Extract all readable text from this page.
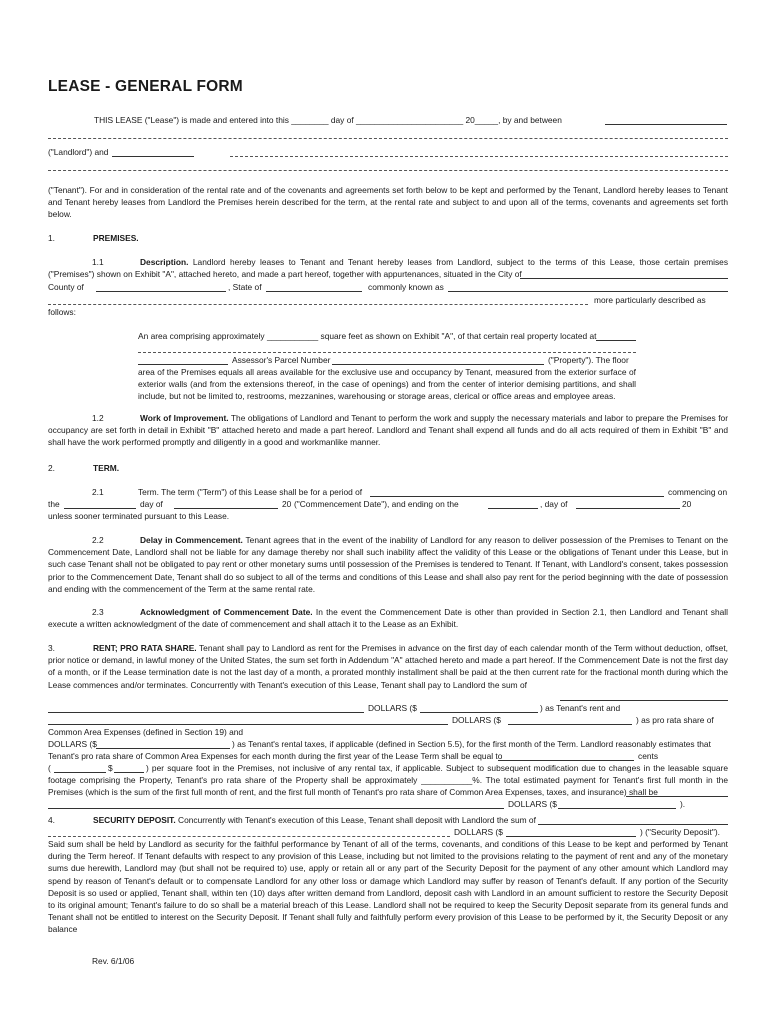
LEASE - GENERAL FORM
THIS LEASE ("Lease") is made and entered into this ________ day of _______________________ 20_____, by and between
("Landlord") and
("Tenant"). For and in consideration of the rental rate and of the covenants and agreements set forth below to be kept and performed by the Tenant, Landlord hereby leases to Tenant and Tenant hereby leases from Landlord the Premises herein described for the term, at the rental rate and subject to and upon all of the terms, covenants and agreements set forth below.
1.	PREMISES.
1.1	Description. Landlord hereby leases to Tenant and Tenant hereby leases from Landlord, subject to the terms of this Lease, those certain premises ("Premises") shown on Exhibit "A", attached hereto, and made a part hereof, together with appurtenances, situated in the City of
County of	, State of	commonly known as
more particularly described as
follows:
An area comprising approximately ___________ square feet as shown on Exhibit "A", of that certain real property located at
Assessor's Parcel Number	("Property"). The floor
area of the Premises equals all areas available for the exclusive use and occupancy by Tenant, measured from the exterior surface of exterior walls (and from the extensions thereof, in the case of openings) and from the center of interior demising partitions, and shall include, but not be limited to, restrooms, mezzanines, warehousing or storage areas, clerical or office areas and employee areas.
1.2	Work of Improvement. The obligations of Landlord and Tenant to perform the work and supply the necessary materials and labor to prepare the Premises for occupancy are set forth in detail in Exhibit "B" attached hereto and made a part hereof. Landlord and Tenant shall expend all funds and do all acts required of them in Exhibit "B" and shall have the work performed promptly and diligently in a good and workmanlike manner.
2.	TERM.
2.1	Term. The term ("Term") of this Lease shall be for a period of	commencing on
the	day of	20 ("Commencement Date"), and ending on the	, day of	20
unless sooner terminated pursuant to this Lease.
2.2	Delay in Commencement. Tenant agrees that in the event of the inability of Landlord for any reason to deliver possession of the Premises to Tenant on the Commencement Date, Landlord shall not be liable for any damage thereby nor shall such inability affect the validity of this Lease or the obligations of Tenant under this Lease, but in such case Tenant shall not be obligated to pay rent or other monetary sums until possession of the Premises is tendered to Tenant. If Tenant, with Landlord's consent, takes possession prior to the Commencement Date, Tenant shall do so subject to all of the terms and conditions of this Lease and shall also pay rent for the period beginning with the date of possession and ending with the commencement of the Term at the same rental rate.
2.3	Acknowledgment of Commencement Date. In the event the Commencement Date is other than provided in Section 2.1, then Landlord and Tenant shall execute a written acknowledgment of the date of commencement and shall attach it to the Lease as an Exhibit.
3.	RENT; PRO RATA SHARE. Tenant shall pay to Landlord as rent for the Premises in advance on the first day of each calendar month of the Term without deduction, offset, prior notice or demand, in lawful money of the United States, the sum set forth in Addendum "A" attached hereto and made a part hereof. If the Commencement Date is not the first day of a month, or if the Lease termination date is not the last day of a month, a prorated monthly installment shall be paid at the then current rate for the fractional month during which the Lease commences and/or terminates. Concurrently with Tenant's execution of this Lease, Tenant shall pay to Landlord the sum of
DOLLARS ($	) as Tenant's rent and
DOLLARS ($	) as pro rata share of
Common Area Expenses (defined in Section 19) and
DOLLARS ($	) as Tenant's rental taxes, if applicable (defined in Section 5.5), for the first month of the Term. Landlord reasonably estimates that
Tenant's pro rata share of Common Area Expenses for each month during the first year of the Lease Term shall be equal to	cents
(	$	) per square foot in the Premises, not inclusive of any rental tax, if applicable. Subject to subsequent modification due to changes in the leasable square footage comprising the Property, Tenant's pro rata share of the Property shall be approximately ___________%. The total estimated payment for Tenant's first full month in the Premises (which is the sum of the first full month of rent, and the first full month of Tenant's pro rata share of Common Area Expenses, taxes, and insurance) shall be
DOLLARS ($	).
4.	SECURITY DEPOSIT. Concurrently with Tenant's execution of this Lease, Tenant shall deposit with Landlord the sum of
DOLLARS ($	) ("Security Deposit").
Said sum shall be held by Landlord as security for the faithful performance by Tenant of all of the terms, covenants, and conditions of this Lease to be kept and performed by Tenant during the Term hereof. If Tenant defaults with respect to any provision of this Lease, including but not limited to the provisions relating to the payment of rent and any of the monetary sums due herewith, Landlord may (but shall not be required to) use, apply or retain all or any part of the Security Deposit for the payment of any other amount which Landlord may spend by reason of Tenant's default or to compensate Landlord for any other loss or damage which Landlord may suffer by reason of Tenant's default. If any portion of the Security Deposit is so used or applied, Tenant shall, within ten (10) days after written demand from Landlord, deposit cash with Landlord in an amount sufficient to restore the Security Deposit to its original amount; Tenant's failure to do so shall be a material breach of this Lease. Landlord shall not be required to keep the Security Deposit separate from its general funds and Tenant shall not be entitled to interest on the Security Deposit. If Tenant shall fully and faithfully perform every provision of this Lease to be performed by it, the Security Deposit or any balance
Rev. 6/1/06
